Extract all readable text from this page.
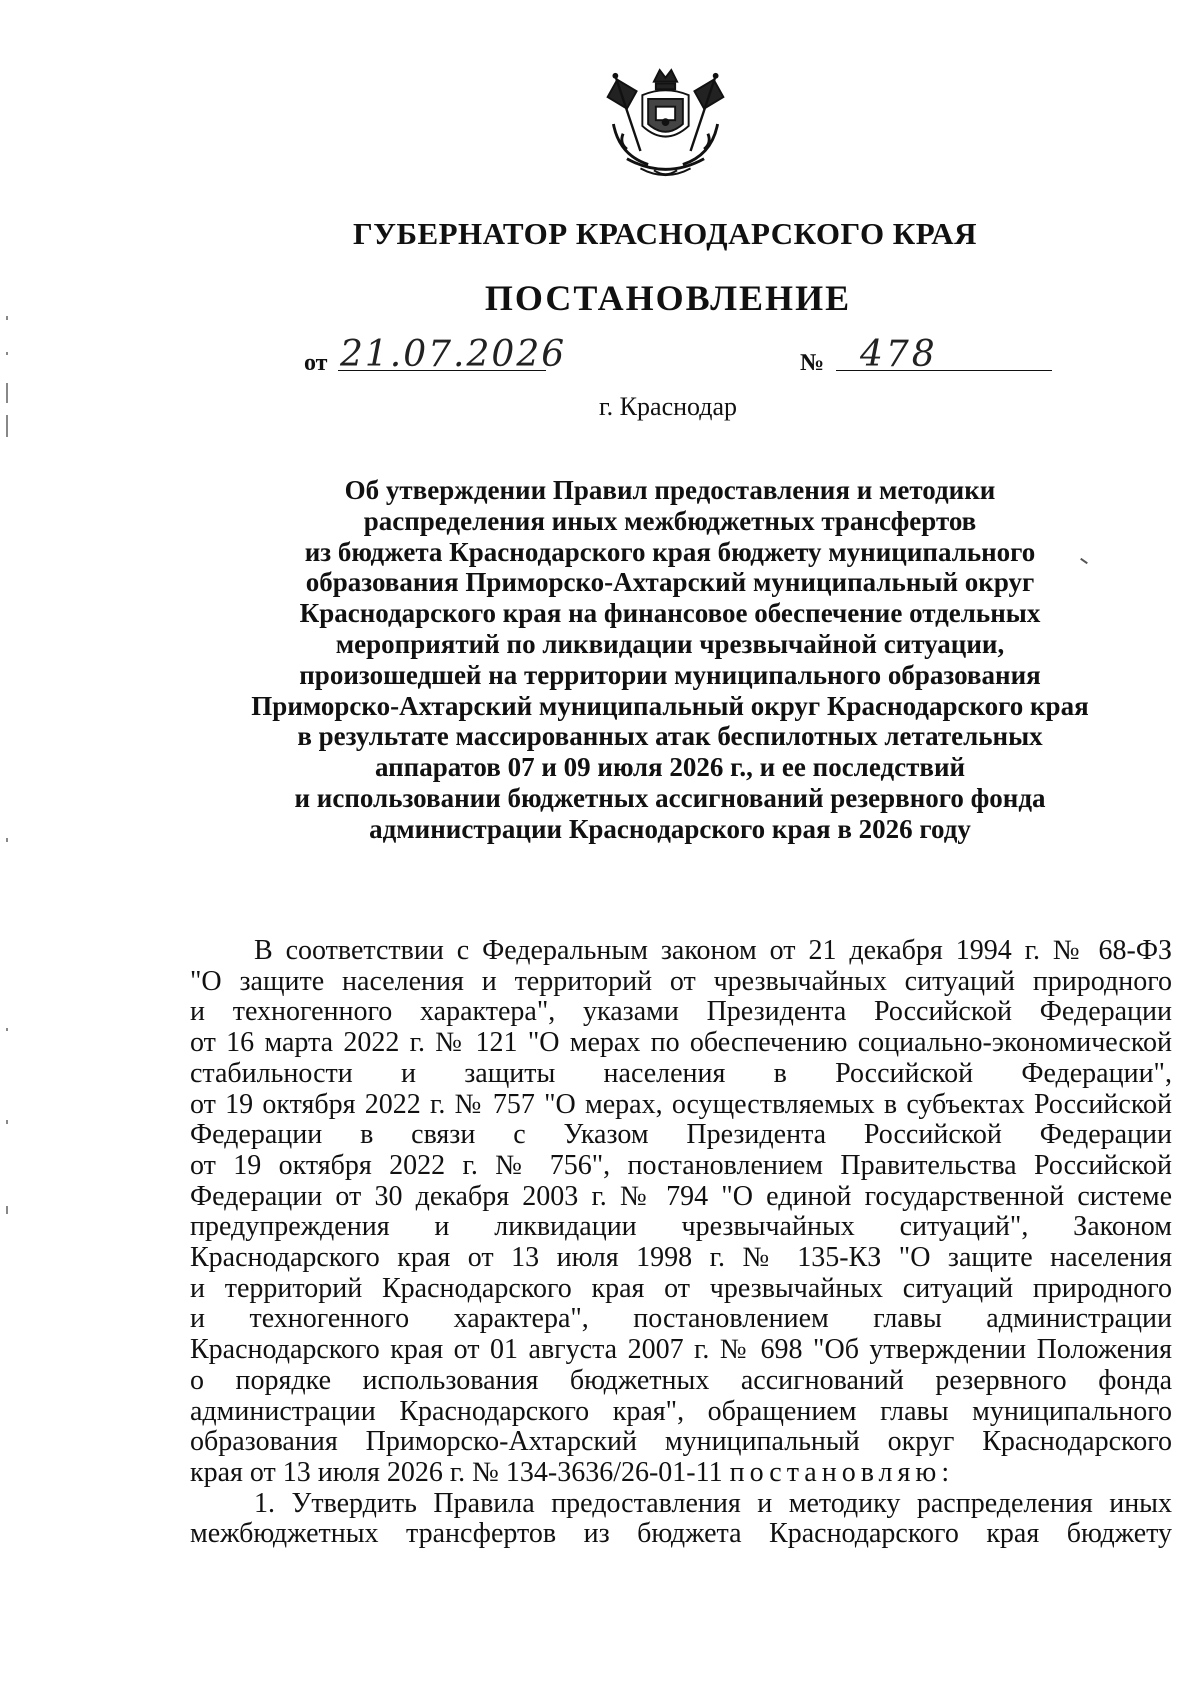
ГУБЕРНАТОР КРАСНОДАРСКОГО КРАЯ
ПОСТАНОВЛЕНИЕ
от 21.07.2026	№ 478
г. Краснодар
Об утверждении Правил предоставления и методики
распределения иных межбюджетных трансфертов
из бюджета Краснодарского края бюджету муниципального
образования Приморско-Ахтарский муниципальный округ
Краснодарского края на финансовое обеспечение отдельных
мероприятий по ликвидации чрезвычайной ситуации,
произошедшей на территории муниципального образования
Приморско-Ахтарский муниципальный округ Краснодарского края
в результате массированных атак беспилотных летательных
аппаратов 07 и 09 июля 2026 г., и ее последствий
и использовании бюджетных ассигнований резервного фонда
администрации Краснодарского края в 2026 году
В соответствии с Федеральным законом от 21 декабря 1994 г. № 68-ФЗ
"О защите населения и территорий от чрезвычайных ситуаций природного
и техногенного характера", указами Президента Российской Федерации
от 16 марта 2022 г. № 121 "О мерах по обеспечению социально-экономической
стабильности и защиты населения в Российской Федерации",
от 19 октября 2022 г. № 757 "О мерах, осуществляемых в субъектах Российской
Федерации в связи с Указом Президента Российской Федерации
от 19 октября 2022 г. № 756", постановлением Правительства Российской
Федерации от 30 декабря 2003 г. № 794 "О единой государственной системе
предупреждения и ликвидации чрезвычайных ситуаций", Законом
Краснодарского края от 13 июля 1998 г. № 135-КЗ "О защите населения
и территорий Краснодарского края от чрезвычайных ситуаций природного
и техногенного характера", постановлением главы администрации
Краснодарского края от 01 августа 2007 г. № 698 "Об утверждении Положения
о порядке использования бюджетных ассигнований резервного фонда
администрации Краснодарского края", обращением главы муниципального
образования Приморско-Ахтарский муниципальный округ Краснодарского
края от 13 июля 2026 г. № 134-3636/26-01-11 постановляю:
1. Утвердить Правила предоставления и методику распределения иных
межбюджетных трансфертов из бюджета Краснодарского края бюджету
